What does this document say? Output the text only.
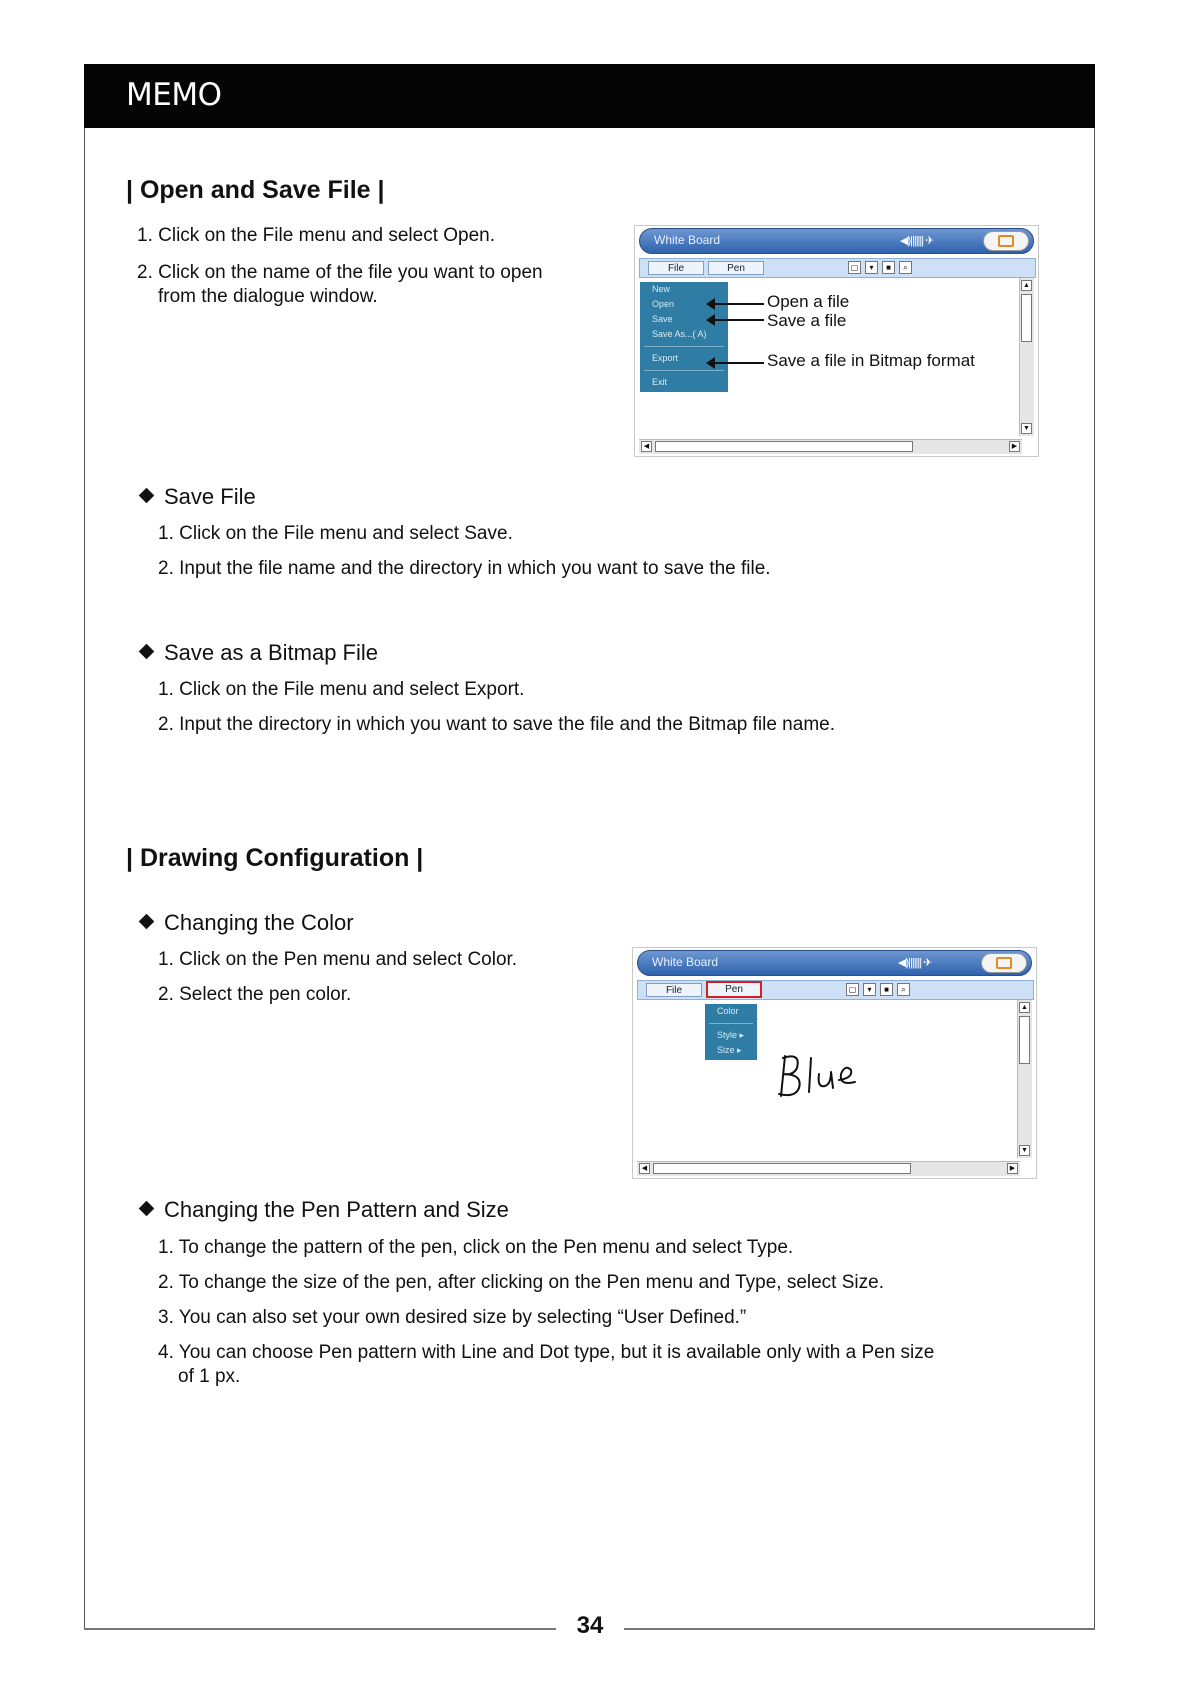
MEMO
| Open and Save File |
1. Click on the File menu and select Open.
2. Click on the name of the file you want to open
from the dialogue window.
White Board	◀)||||||| ✈
File	Pen	▢	▾	■	⌕
New
Open
Save
Save As...( A)
Export
Exit
Open a file
Save a file
Save a file in Bitmap format
▲
▼
◀	▶
Save File
1. Click on the File menu and select Save.
2. Input the file name and the directory in which you want to save the file.
Save as a Bitmap File
1. Click on the File menu and select Export.
2. Input the directory in which you want to save the file and the Bitmap file name.
| Drawing Configuration |
Changing the Color
1. Click on the Pen menu and select Color.
2. Select the pen color.
White Board	◀)||||||| ✈
File	Pen	▢	▾	■	⌕
Color
Style ▸
Size ▸
▲
▼
◀	▶
Changing the Pen Pattern and Size
1. To change the pattern of the pen, click on the Pen menu and select Type.
2. To change the size of the pen, after clicking on the Pen menu and Type, select Size.
3. You can also set your own desired size by selecting “User Defined.”
4. You can choose Pen pattern with Line and Dot type, but it is available only with a Pen size
of 1 px.
34
